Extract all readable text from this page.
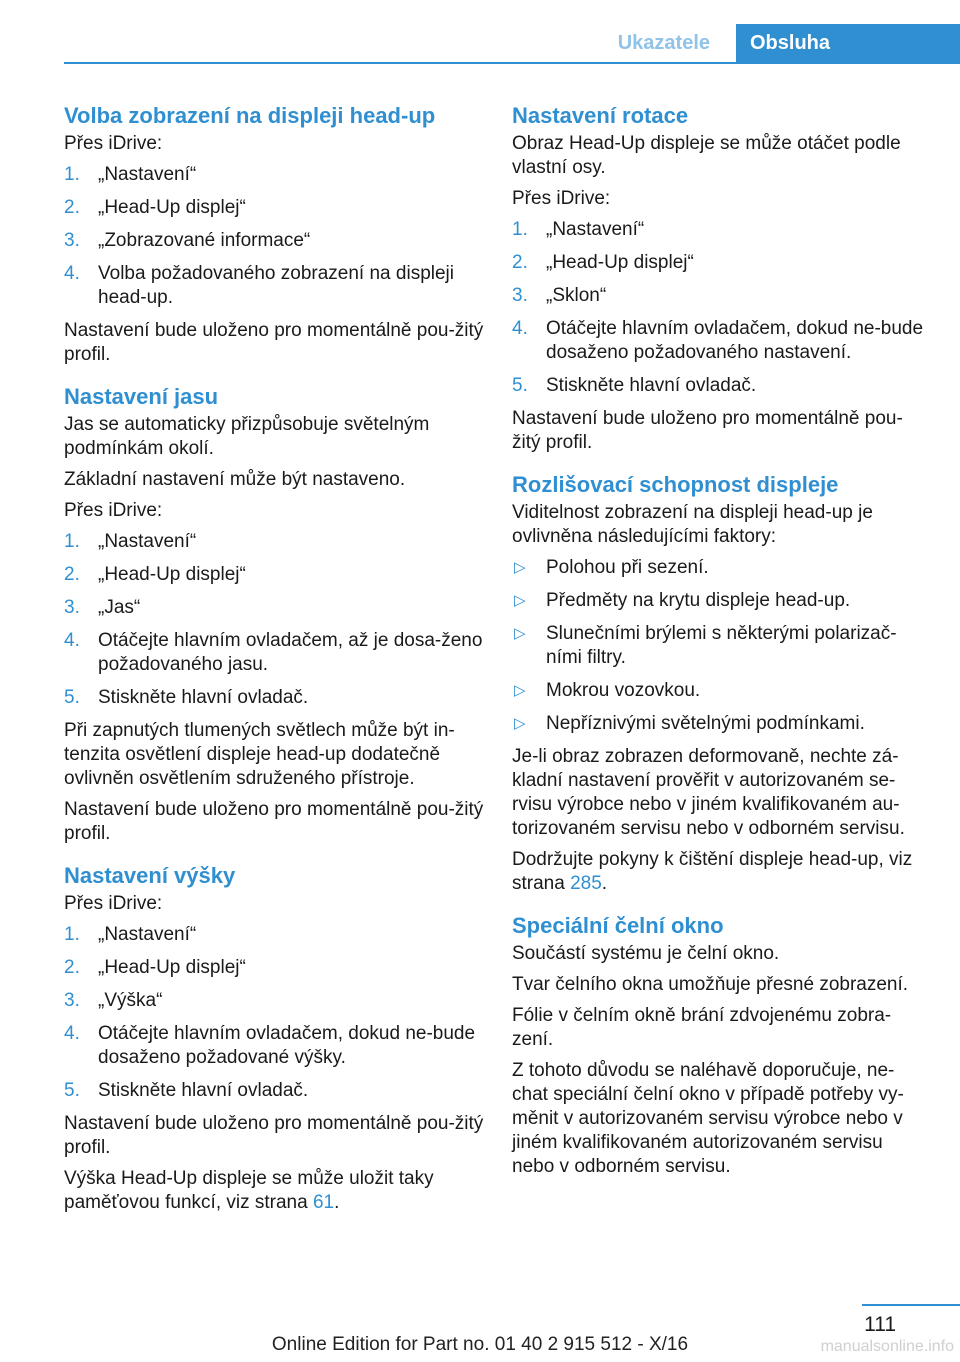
Ukazatele	Obsluha
Volba zobrazení na displeji head-up

Přes iDrive:

1. „Nastavení“
2. „Head-Up displej“
3. „Zobrazované informace“
4. Volba požadovaného zobrazení na displeji head-up.

Nastavení bude uloženo pro momentálně pou‐žitý profil.

Nastavení jasu

Jas se automaticky přizpůsobuje světelným podmínkám okolí.

Základní nastavení může být nastaveno.

Přes iDrive:

1. „Nastavení“
2. „Head-Up displej“
3. „Jas“
4. Otáčejte hlavním ovladačem, až je dosa‐ženo požadovaného jasu.
5. Stiskněte hlavní ovladač.

Při zapnutých tlumených světlech může být in‐tenzita osvětlení displeje head-up dodatečně ovlivněn osvětlením sdruženého přístroje.

Nastavení bude uloženo pro momentálně pou‐žitý profil.

Nastavení výšky

Přes iDrive:

1. „Nastavení“
2. „Head-Up displej“
3. „Výška“
4. Otáčejte hlavním ovladačem, dokud ne‐bude dosaženo požadované výšky.
5. Stiskněte hlavní ovladač.

Nastavení bude uloženo pro momentálně pou‐žitý profil.

Výška Head-Up displeje se může uložit taky paměťovou funkcí, viz strana 61.

Nastavení rotace

Obraz Head-Up displeje se může otáčet podle vlastní osy.

Přes iDrive:

1. „Nastavení“
2. „Head-Up displej“
3. „Sklon“
4. Otáčejte hlavním ovladačem, dokud ne‐bude dosaženo požadovaného nastavení.
5. Stiskněte hlavní ovladač.

Nastavení bude uloženo pro momentálně pou‐žitý profil.

Rozlišovací schopnost displeje

Viditelnost zobrazení na displeji head-up je ovlivněna následujícími faktory:

▷ Polohou při sezení.
▷ Předměty na krytu displeje head-up.
▷ Slunečními brýlemi s některými polarizač‐ními filtry.
▷ Mokrou vozovkou.
▷ Nepříznivými světelnými podmínkami.

Je-li obraz zobrazen deformovaně, nechte zá‐kladní nastavení prověřit v autorizovaném se‐rvisu výrobce nebo v jiném kvalifikovaném au‐torizovaném servisu nebo v odborném servisu.

Dodržujte pokyny k čištění displeje head-up, viz strana 285.

Speciální čelní okno

Součástí systému je čelní okno.

Tvar čelního okna umožňuje přesné zobrazení.

Fólie v čelním okně brání zdvojenému zobra‐zení.

Z tohoto důvodu se naléhavě doporučuje, ne‐chat speciální čelní okno v případě potřeby vy‐měnit v autorizovaném servisu výrobce nebo v jiném kvalifikovaném autorizovaném servisu nebo v odborném servisu.

111
Online Edition for Part no. 01 40 2 915 512 - X/16	manualsonline.info
